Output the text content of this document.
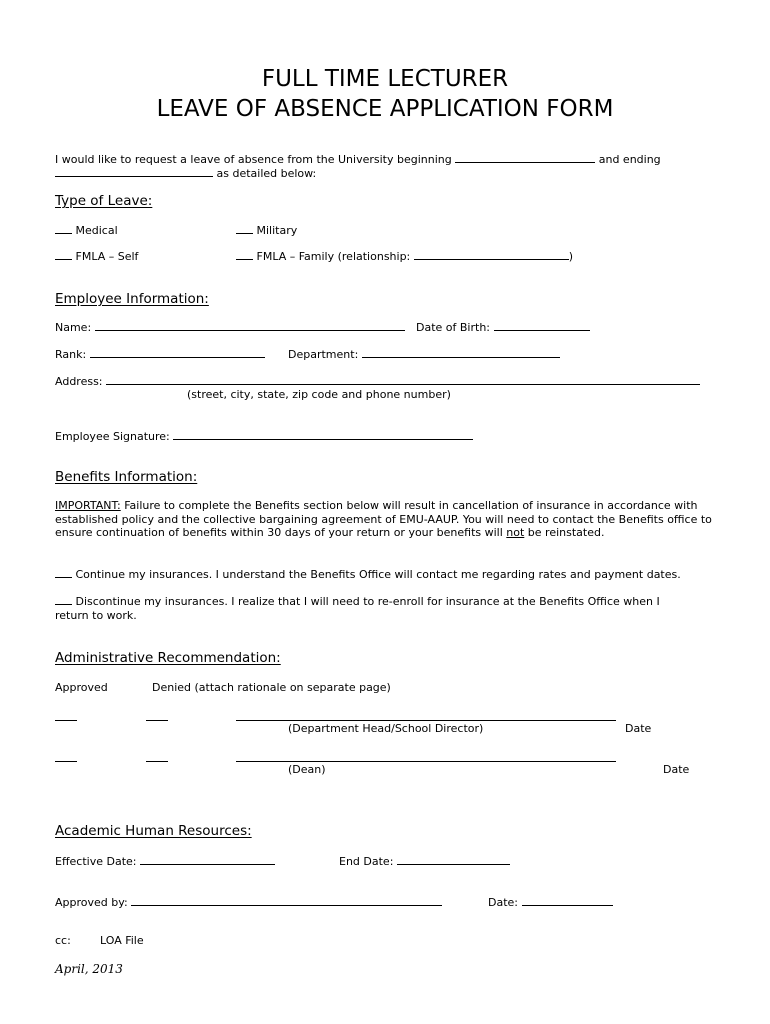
FULL TIME LECTURER
LEAVE OF ABSENCE APPLICATION FORM
I would like to request a leave of absence from the University beginning	and ending
as detailed below:
Type of Leave:
Medical	Military
FMLA – Self	FMLA – Family (relationship:	)
Employee Information:
Name:	Date of Birth:
Rank:	Department:
Address:
(street, city, state, zip code and phone number)
Employee Signature:
Benefits Information:
IMPORTANT: Failure to complete the Benefits section below will result in cancellation of insurance in accordance with established policy and the collective bargaining agreement of EMU-AAUP. You will need to contact the Benefits office to ensure continuation of benefits within 30 days of your return or your benefits will not be reinstated.
Continue my insurances. I understand the Benefits Office will contact me regarding rates and payment dates.
Discontinue my insurances. I realize that I will need to re-enroll for insurance at the Benefits Office when I return to work.
Administrative Recommendation:
Approved	Denied (attach rationale on separate page)
(Department Head/School Director)	Date
(Dean)	Date
Academic Human Resources:
Effective Date:	End Date:
Approved by:	Date:
cc:	LOA File
April, 2013
